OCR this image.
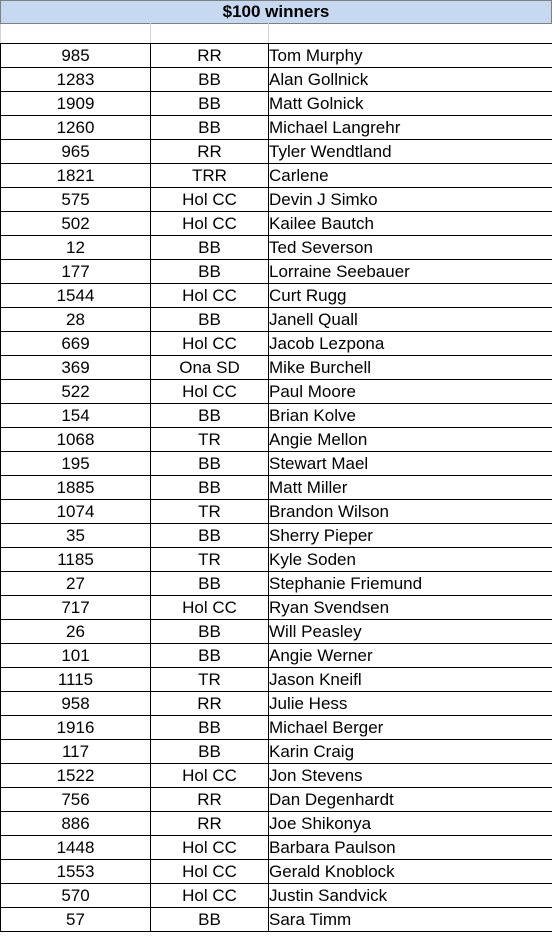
$100 winners

985	RR	Tom Murphy
1283	BB	Alan Gollnick
1909	BB	Matt Golnick
1260	BB	Michael Langrehr
965	RR	Tyler Wendtland
1821	TRR	Carlene
575	Hol CC	Devin J Simko
502	Hol CC	Kailee Bautch
12	BB	Ted Severson
177	BB	Lorraine Seebauer
1544	Hol CC	Curt Rugg
28	BB	Janell Quall
669	Hol CC	Jacob Lezpona
369	Ona SD	Mike Burchell
522	Hol CC	Paul Moore
154	BB	Brian Kolve
1068	TR	Angie Mellon
195	BB	Stewart Mael
1885	BB	Matt Miller
1074	TR	Brandon Wilson
35	BB	Sherry Pieper
1185	TR	Kyle Soden
27	BB	Stephanie Friemund
717	Hol CC	Ryan Svendsen
26	BB	Will Peasley
101	BB	Angie Werner
1115	TR	Jason Kneifl
958	RR	Julie Hess
1916	BB	Michael Berger
117	BB	Karin Craig
1522	Hol CC	Jon Stevens
756	RR	Dan Degenhardt
886	RR	Joe Shikonya
1448	Hol CC	Barbara Paulson
1553	Hol CC	Gerald Knoblock
570	Hol CC	Justin Sandvick
57	BB	Sara Timm
